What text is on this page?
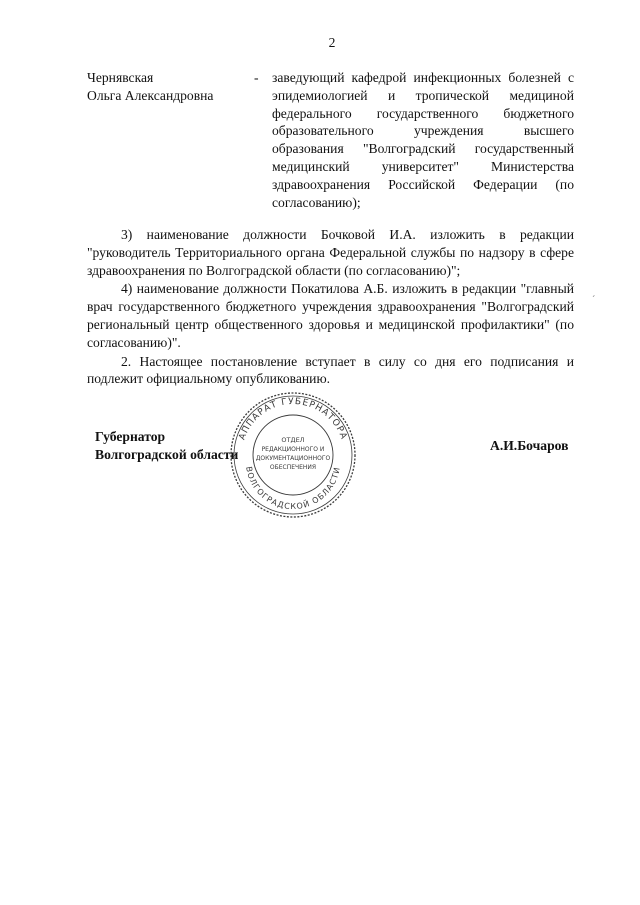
2
Чернявская
Ольга Александровна
- заведующий кафедрой инфекционных болезней с эпидемиологией и тропической медициной федерального государственного бюджетного образовательного учреждения высшего образования "Волгоградский государственный медицинский университет" Министерства здравоохранения Российской Федерации (по согласованию);

3) наименование должности Бочковой И.А. изложить в редакции "руководитель Территориального органа Федеральной службы по надзору в сфере здравоохранения по Волгоградской области (по согласованию)";

4) наименование должности Покатилова А.Б. изложить в редакции "главный врач государственного бюджетного учреждения здравоохранения "Волгоградский региональный центр общественного здоровья и медицинской профилактики" (по согласованию)".

2. Настоящее постановление вступает в силу со дня его подписания и подлежит официальному опубликованию.

Губернатор
Волгоградской области
А.И.Бочаров
АППАРАТ ГУБЕРНАТОРА
ВОЛГОГРАДСКОЙ ОБЛАСТИ
ОТДЕЛ
РЕДАКЦИОННОГО И
ДОКУМЕНТАЦИОННОГО
ОБЕСПЕЧЕНИЯ
ˊ
